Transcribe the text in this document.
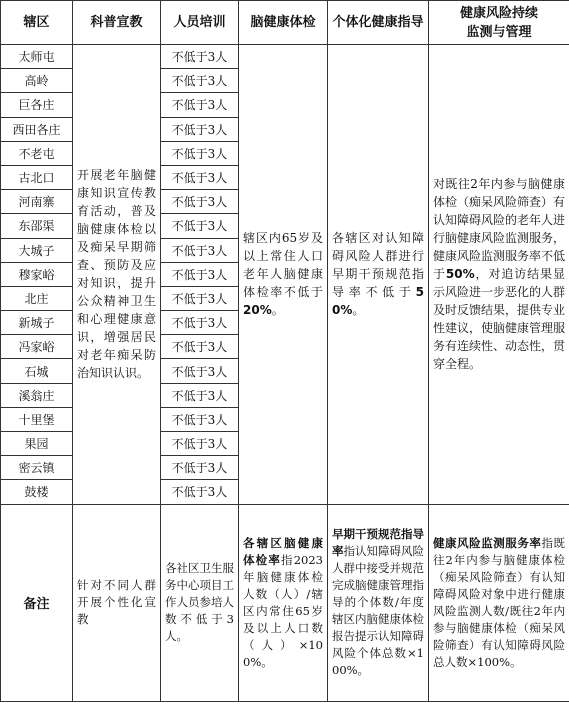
辖区	科普宣教	人员培训	脑健康体检	个体化健康指导	健康风险持续
监测与管理
太师屯	开展老年脑健康知识宣传教育活动，普及脑健康体检以及痴呆早期筛查、预防及应对知识，提升公众精神卫生和心理健康意识，增强居民对老年痴呆防治知识认识。	不低于3人	辖区内65岁及以上常住人口老年人脑健康体检率不低于20%。	各辖区对认知障碍风险人群进行早期干预规范指导率不低于50%。	对既往2年内参与脑健康体检（痴呆风险筛查）有认知障碍风险的老年人进行脑健康风险监测服务，健康风险监测服务率不低于50%，对追访结果显示风险进一步恶化的人群及时反馈结果，提供专业性建议，使脑健康管理服务有连续性、动态性，贯穿全程。
高岭		不低于3人			
巨各庄		不低于3人			
西田各庄		不低于3人			
不老屯		不低于3人			
古北口		不低于3人			
河南寨		不低于3人			
东邵渠		不低于3人			
大城子		不低于3人			
穆家峪		不低于3人			
北庄		不低于3人			
新城子		不低于3人			
冯家峪		不低于3人			
石城		不低于3人			
溪翁庄		不低于3人			
十里堡		不低于3人			
果园		不低于3人			
密云镇		不低于3人			
鼓楼		不低于3人			
备注	针对不同人群开展个性化宣教	各社区卫生服务中心项目工作人员参培人数不低于3人。	各辖区脑健康体检率指2023年脑健康体检人数（人）/辖区内常住65岁及以上人口数（人）×100%。	早期干预规范指导率指认知障碍风险人群中接受并规范完成脑健康管理指导的个体数/年度辖区内脑健康体检报告提示认知障碍风险个体总数×100%。	健康风险监测服务率指既往2年内参与脑健康体检（痴呆风险筛查）有认知障碍风险对象中进行健康风险监测人数/既往2年内参与脑健康体检（痴呆风险筛查）有认知障碍风险总人数×100%。
